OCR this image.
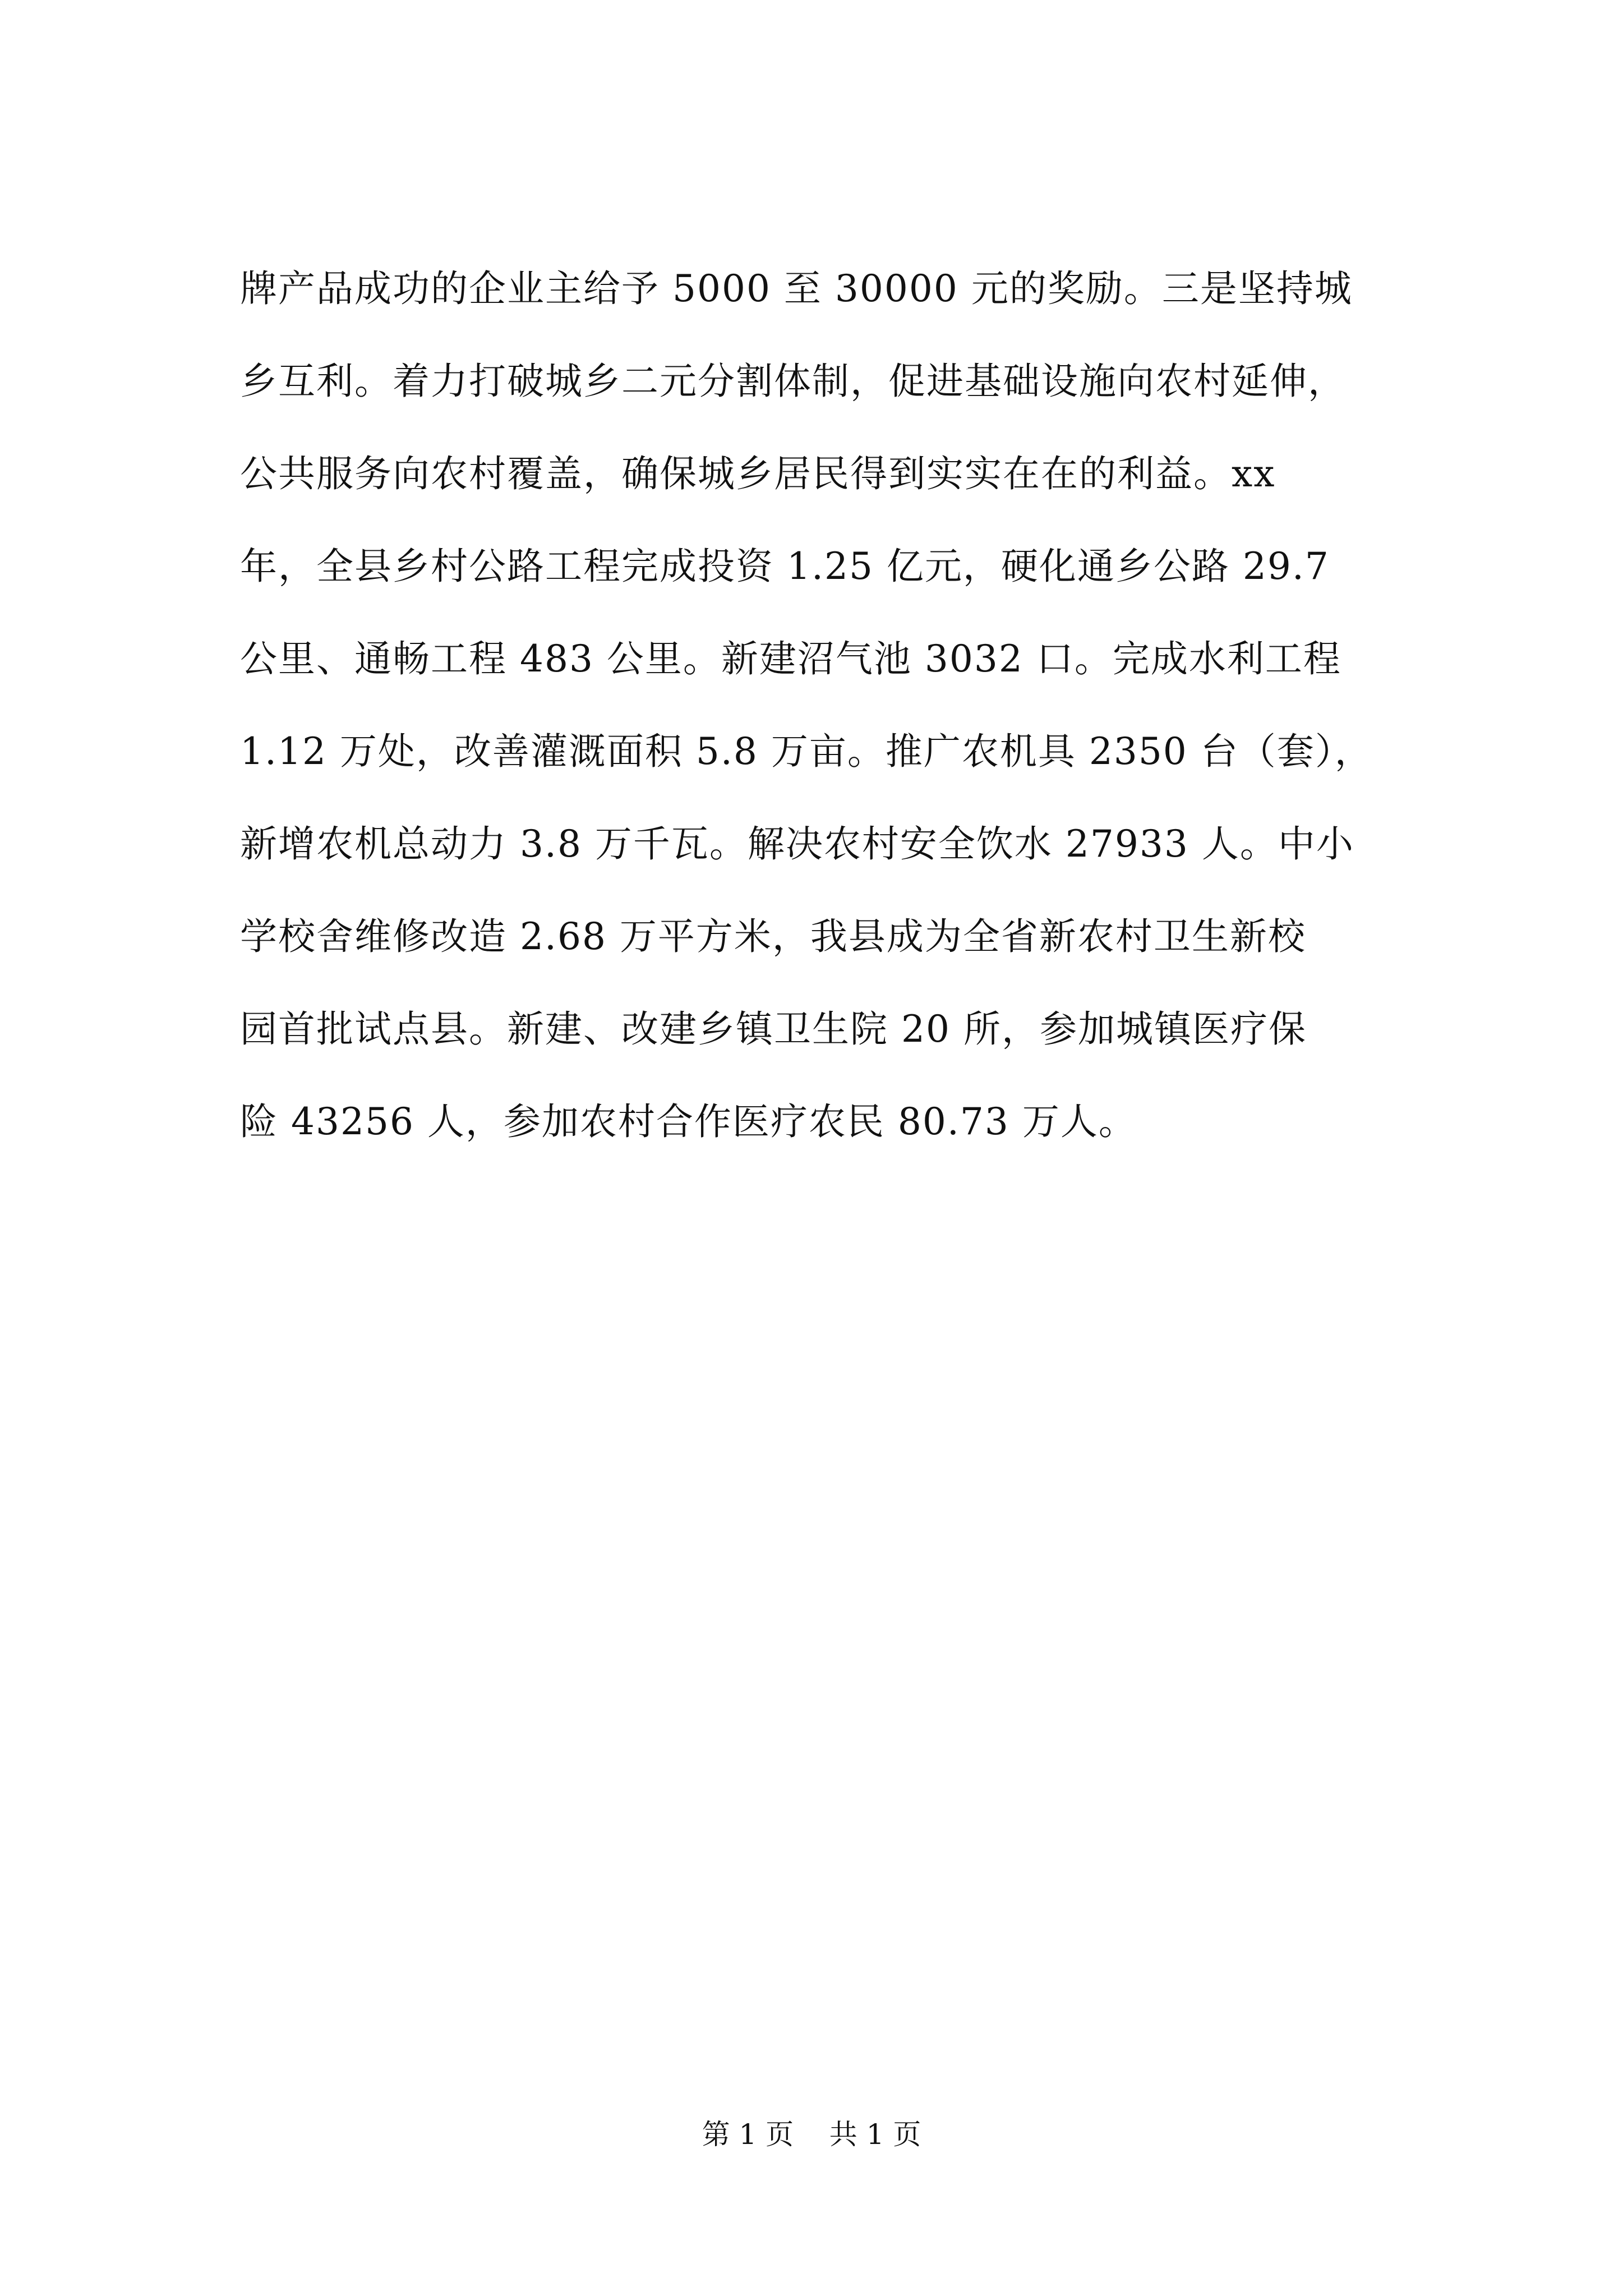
牌产品成功的企业主给予 5000 至 30000 元的奖励。三是坚持城
乡互利。着力打破城乡二元分割体制，促进基础设施向农村延伸，
公共服务向农村覆盖，确保城乡居民得到实实在在的利益。xx
年，全县乡村公路工程完成投资 1.25 亿元，硬化通乡公路 29.7
公里、通畅工程 483 公里。新建沼气池 3032 口。完成水利工程
1.12 万处，改善灌溉面积 5.8 万亩。推广农机具 2350 台（套），
新增农机总动力 3.8 万千瓦。解决农村安全饮水 27933 人。中小
学校舍维修改造 2.68 万平方米，我县成为全省新农村卫生新校
园首批试点县。新建、改建乡镇卫生院 20 所，参加城镇医疗保
险 43256 人，参加农村合作医疗农民 80.73 万人。
第 1 页 共 1 页
